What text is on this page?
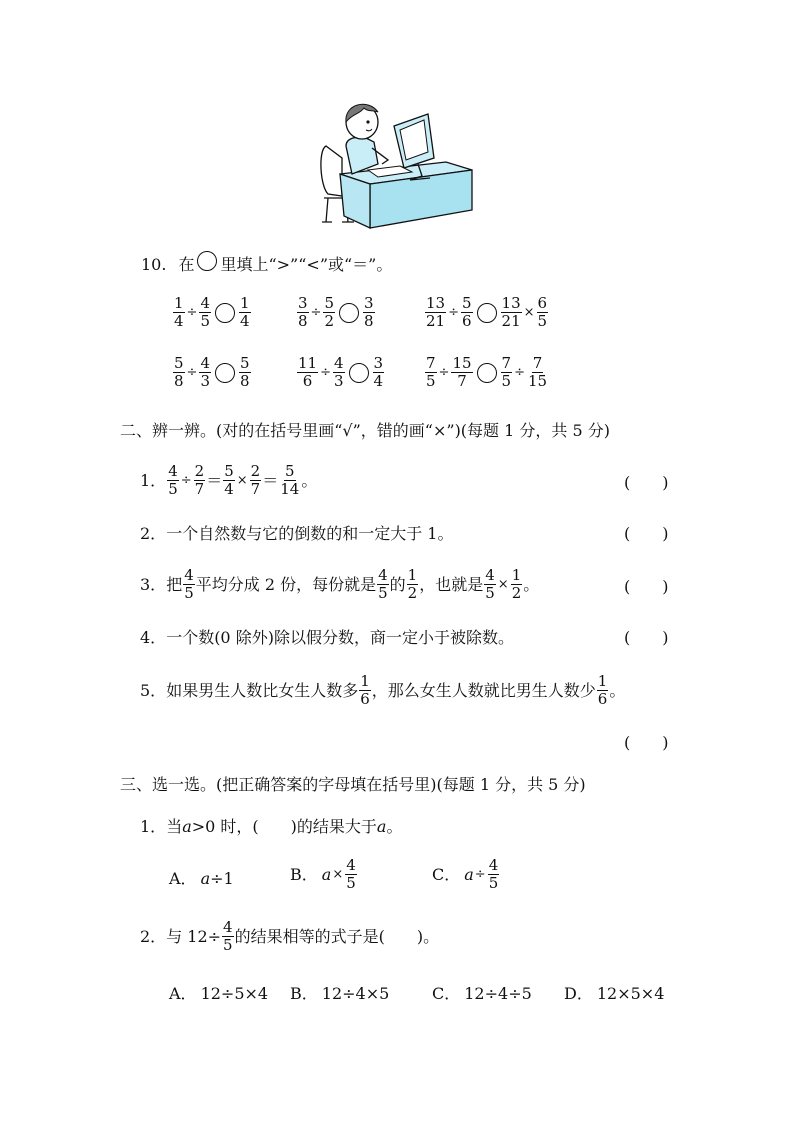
10. 在 里填上“>”“<”或“＝”。
$\frac{1}{4} \div \frac{4}{5} \frac{1}{4}$	$\frac{3}{8} \div \frac{5}{2} \frac{3}{8}$	$\frac{13}{21} \div \frac{5}{6} \frac{13}{21} \times \frac{6}{5}$
$\frac{5}{8} \div \frac{4}{3} \frac{5}{8}$	$\frac{11}{6} \div \frac{4}{3} \frac{3}{4}$	$\frac{7}{5} \div \frac{15}{7} \frac{7}{5} \div \frac{7}{15}$
二、辨一辨。(对的在括号里画“√”，错的画“×”)(每题 1 分，共 5 分)
1． $\frac{4}{5} \div \frac{2}{7} = \frac{5}{4} \times \frac{2}{7} = \frac{5}{14}$ 。	(　　)
2． 一个自然数与它的倒数的和一定大于 1。	(　　)
3． 把 $\frac{4}{5}$ 平均分成 2 份，每份就是 $\frac{4}{5}$ 的 $\frac{1}{2}$ ，也就是 $\frac{4}{5} \times \frac{1}{2}$ 。	(　　)
4． 一个数(0 除外)除以假分数，商一定小于被除数。	(　　)
5． 如果男生人数比女生人数多 $\frac{1}{6}$ ，那么女生人数就比男生人数少 $\frac{1}{6}$ 。
(　　)
三、选一选。(把正确答案的字母填在括号里)(每题 1 分，共 5 分)
1． 当 a >0 时，(　　)的结果大于 a 。
A． a ÷1	B． $a \times \frac{4}{5}$	C． $a \div \frac{4}{5}$
2． 与 $12\div \frac{4}{5}$ 的结果相等的式子是(　　)。
A． 12÷5×4 B． 12÷4×5	C． 12÷4÷5 D． 12×5×4
